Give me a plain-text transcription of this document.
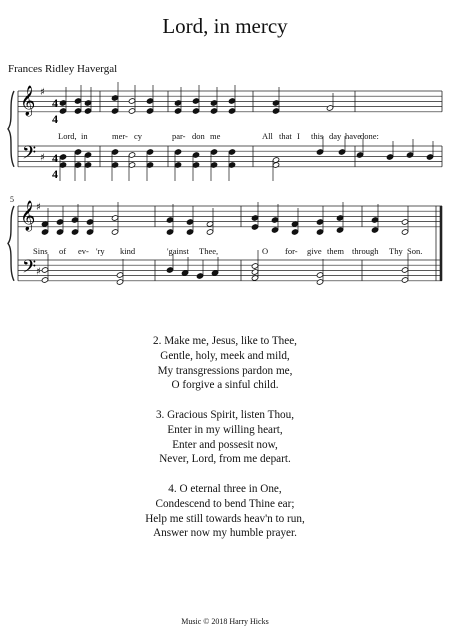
Lord, in mercy
Frances Ridley Havergal
𝄞
𝄢
♯
♯
𝄞
𝄢
♯
♯
Lord, in	mer- cy	par- don me	All that I this day have
done:
Sins of ev- 'ry kind	'gainst Thee,	O for- give them through Thy Son.
4
4
4
4
5
2. Make me, Jesus, like to Thee,
Gentle, holy, meek and mild,
My transgressions pardon me,
O forgive a sinful child.
3. Gracious Spirit, listen Thou,
Enter in my willing heart,
Enter and possesit now,
Never, Lord, from me depart.
4. O eternal three in One,
Condescend to bend Thine ear;
Help me still towards heav'n to run,
Answer now my humble prayer.
Music © 2018 Harry Hicks
